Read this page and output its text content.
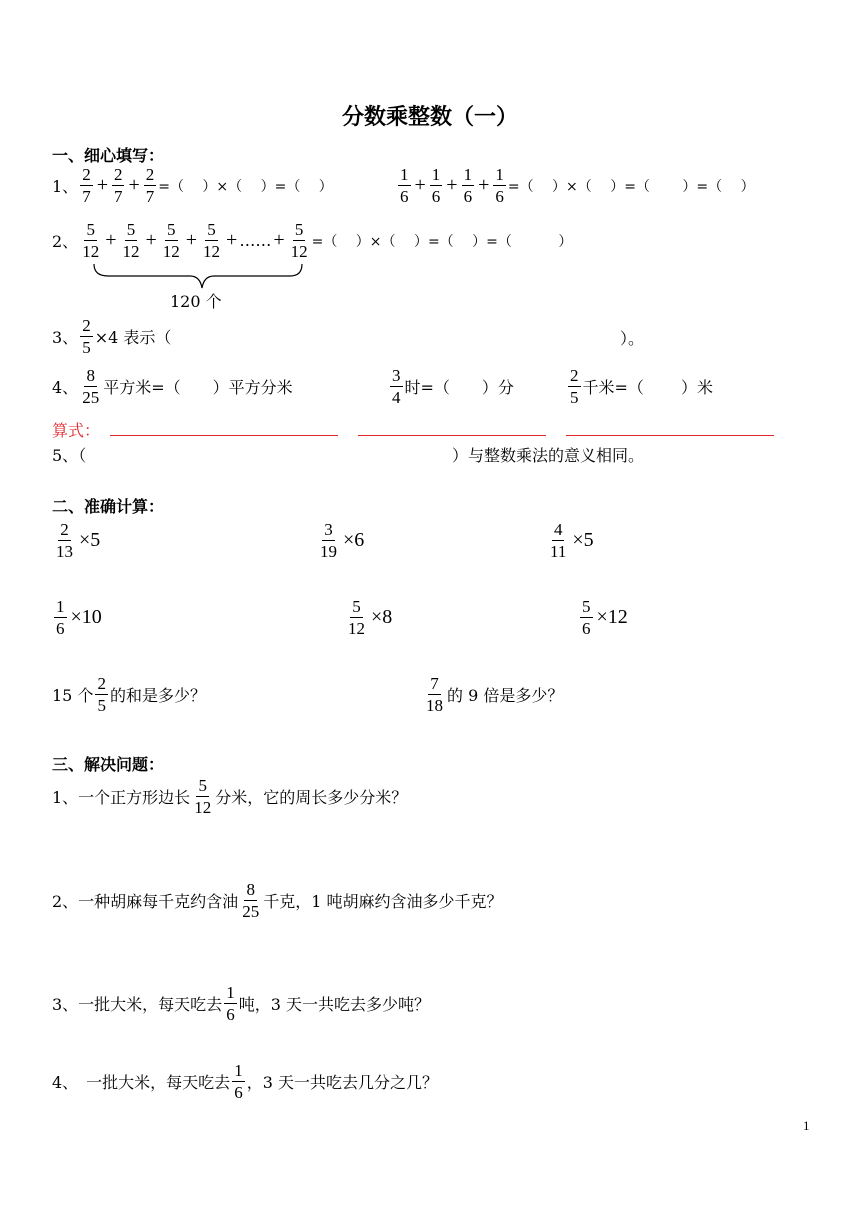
分数乘整数（一）
一、细心填写：
1、 $\frac{2}{7} + \frac{2}{7} + \frac{2}{7}$ =（　 ）×（　 ）=（　 ）	$\frac{1}{6} + \frac{1}{6} + \frac{1}{6} + \frac{1}{6}$ =（　 ）×（　 ）=（　　 ）=（　 ）
2、 $\frac{5}{12} + \frac{5}{12} + \frac{5}{12} + \frac{5}{12}$ + …… + $\frac{5}{12}$ =（　 ）×（　 ）=（　 ）=（　　　 ）
120 个
3、 $\frac{2}{5} \times 4$ 表示（	）。
4、 $\frac{8}{25}$ 平方米=（　　）平方分米	$\frac{3}{4}$ 时=（　　）分	$\frac{2}{5}$ 千米=（　　 ）米
算式：
5、（	）与整数乘法的意义相同。
二、准确计算：
$\frac{2}{13} \times 5$	$\frac{3}{19} \times 6$	$\frac{4}{11} \times 5$
$\frac{1}{6} \times 10$	$\frac{5}{12} \times 8$	$\frac{5}{6} \times 12$
15 个 $\frac{2}{5}$ 的和是多少？	$\frac{7}{18}$ 的 9 倍是多少？
三、解决问题：
1、一个正方形边长 $\frac{5}{12}$ 分米，它的周长多少分米？
2、一种胡麻每千克约含油 $\frac{8}{25}$ 千克，1 吨胡麻约含油多少千克？
3、一批大米，每天吃去 $\frac{1}{6}$ 吨，3 天一共吃去多少吨？
4、　一批大米，每天吃去 $\frac{1}{6}$ ，3 天一共吃去几分之几？
1
